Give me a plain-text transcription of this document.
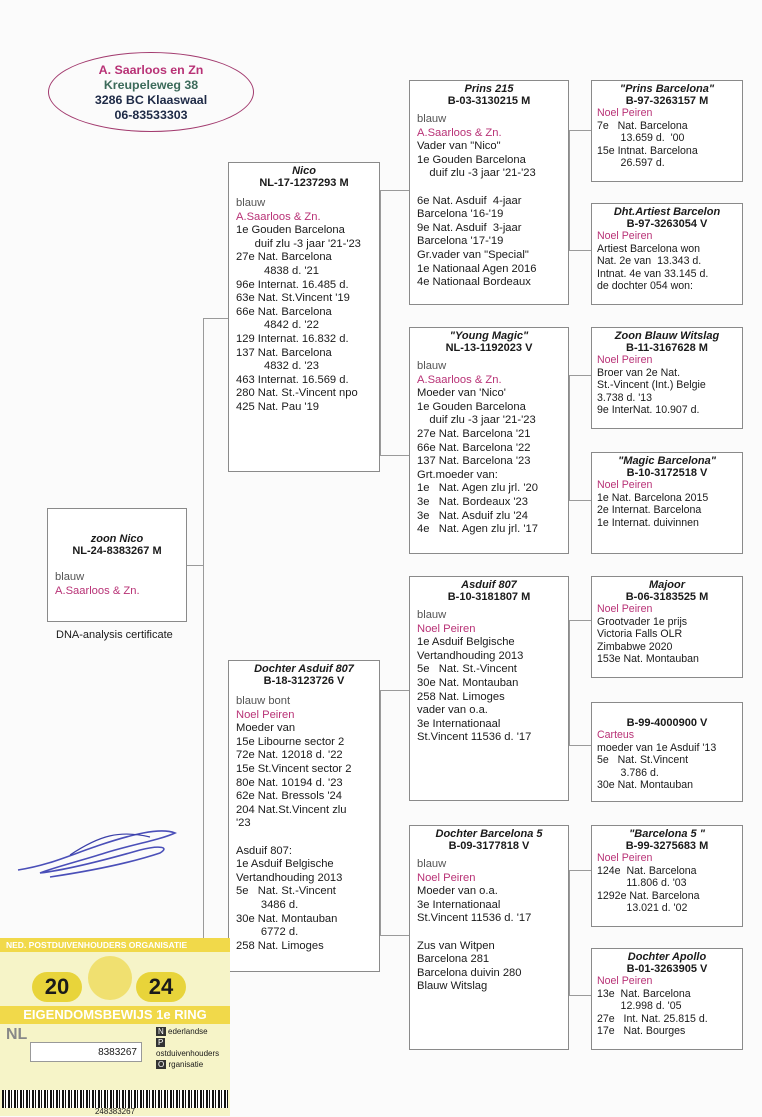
A. Saarloos en Zn
Kreupeleweg 38
3286 BC Klaaswaal
06-83533303
zoon Nico
NL-24-8383267 M
blauw
A.Saarloos & Zn.
DNA-analysis certificate
Nico
NL-17-1237293 M
blauw
A.Saarloos & Zn.
1e Gouden Barcelona
duif zlu -3 jaar '21-'23
27e Nat. Barcelona
4838 d. '21
96e Internat. 16.485 d.
63e Nat. St.Vincent '19
66e Nat. Barcelona
4842 d. '22
129 Internat. 16.832 d.
137 Nat. Barcelona
4832 d. '23
463 Internat. 16.569 d.
280 Nat. St.-Vincent npo
425 Nat. Pau '19
Dochter Asduif 807
B-18-3123726 V
blauw bont
Noel Peiren
Moeder van
15e Libourne sector 2
72e Nat. 12018 d. '22
15e St.Vincent sector 2
80e Nat. 10194 d. '23
62e Nat. Bressols '24
204 Nat.St.Vincent zlu
'23
Asduif 807:
1e Asduif Belgische
Vertandhouding 2013
5e   Nat. St.-Vincent
3486 d.
30e Nat. Montauban
6772 d.
258 Nat. Limoges
Prins 215
B-03-3130215 M
blauw
A.Saarloos & Zn.
Vader van "Nico"
1e Gouden Barcelona
duif zlu -3 jaar '21-'23
6e Nat. Asduif  4-jaar
Barcelona '16-'19
9e Nat. Asduif  3-jaar
Barcelona '17-'19
Gr.vader van "Special"
1e Nationaal Agen 2016
4e Nationaal Bordeaux
"Young Magic"
NL-13-1192023 V
blauw
A.Saarloos & Zn.
Moeder van 'Nico'
1e Gouden Barcelona
duif zlu -3 jaar '21-'23
27e Nat. Barcelona '21
66e Nat. Barcelona '22
137 Nat. Barcelona '23
Grt.moeder van:
1e   Nat. Agen zlu jrl. '20
3e   Nat. Bordeaux '23
3e   Nat. Asduif zlu '24
4e   Nat. Agen zlu jrl. '17
Asduif 807
B-10-3181807 M
blauw
Noel Peiren
1e Asduif Belgische
Vertandhouding 2013
5e   Nat. St.-Vincent
30e Nat. Montauban
258 Nat. Limoges
vader van o.a.
3e Internationaal
St.Vincent 11536 d. '17
Dochter Barcelona 5
B-09-3177818 V
blauw
Noel Peiren
Moeder van o.a.
3e Internationaal
St.Vincent 11536 d. '17
Zus van Witpen
Barcelona 281
Barcelona duivin 280
Blauw Witslag
"Prins Barcelona"
B-97-3263157 M
Noel Peiren
7e   Nat. Barcelona
13.659 d.  '00
15e Intnat. Barcelona
26.597 d.
Dht.Artiest Barcelon
B-97-3263054 V
Noel Peiren
Artiest Barcelona won
Nat. 2e van  13.343 d.
Intnat. 4e van 33.145 d.
de dochter 054 won:
Zoon Blauw Witslag
B-11-3167628 M
Noel Peiren
Broer van 2e Nat.
St.-Vincent (Int.) Belgie
3.738 d. '13
9e InterNat. 10.907 d.
"Magic Barcelona"
B-10-3172518 V
Noel Peiren
1e Nat. Barcelona 2015
2e Internat. Barcelona
1e Internat. duivinnen
Majoor
B-06-3183525 M
Noel Peiren
Grootvader 1e prijs
Victoria Falls OLR
Zimbabwe 2020
153e Nat. Montauban
B-99-4000900 V
Carteus
moeder van 1e Asduif '13
5e   Nat. St.Vincent
3.786 d.
30e Nat. Montauban
"Barcelona 5 "
B-99-3275683 M
Noel Peiren
124e  Nat. Barcelona
11.806 d. '03
1292e Nat. Barcelona
13.021 d. '02
Dochter Apollo
B-01-3263905 V
Noel Peiren
13e  Nat. Barcelona
12.998 d. '05
27e   Int. Nat. 25.815 d.
17e   Nat. Bourges
NED. POSTDUIVENHOUDERS ORGANISATIE
20	24
EIGENDOMSBEWIJS 1e RING
NL
8383267
N ederlandse
P ostduivenhouders
O rganisatie
248383267
